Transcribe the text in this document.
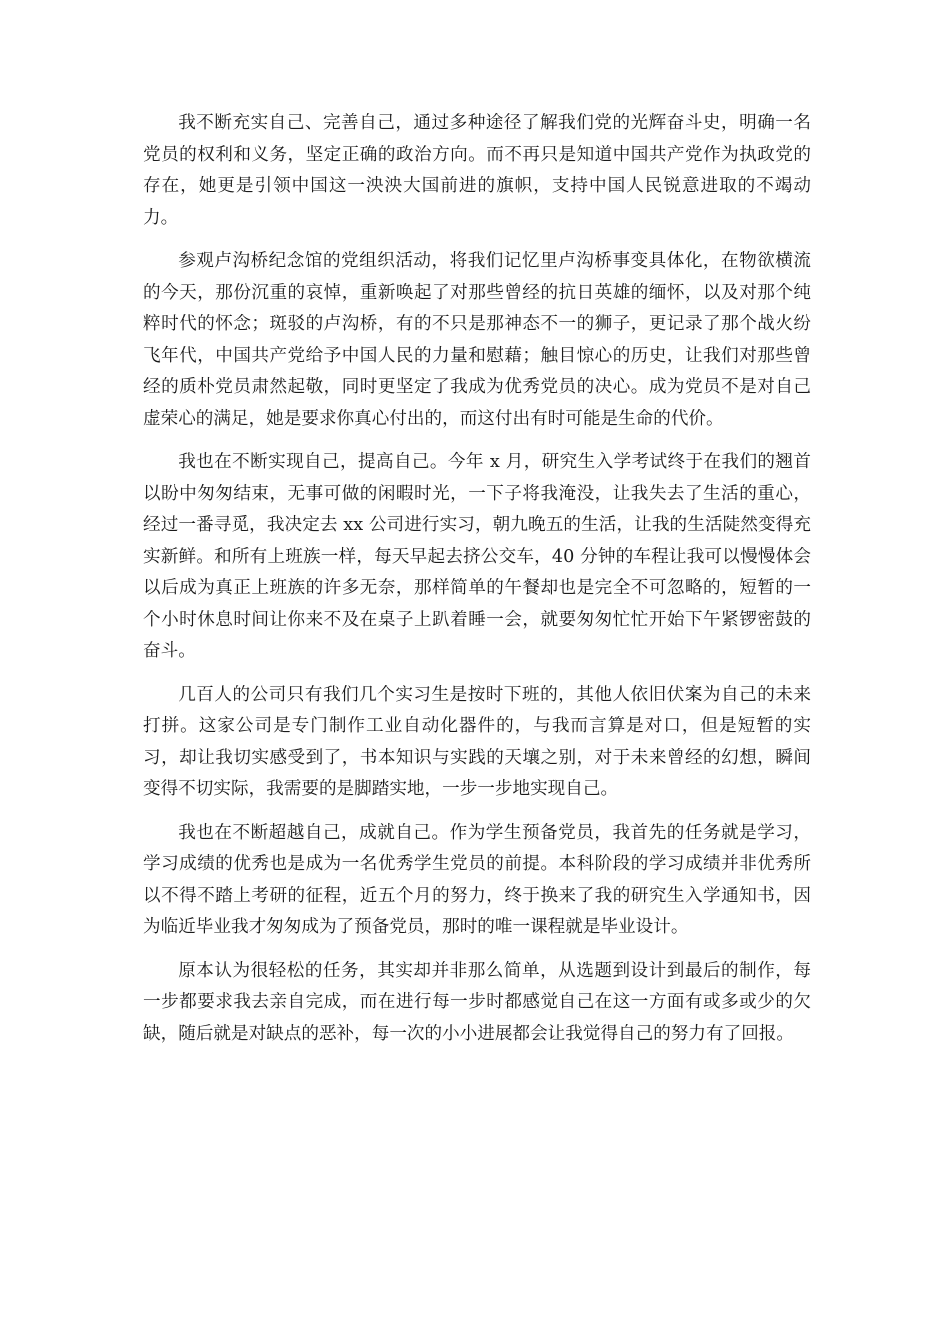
我不断充实自己、完善自己，通过多种途径了解我们党的光辉奋斗史，明确一名党员的权利和义务，坚定正确的政治方向。而不再只是知道中国共产党作为执政党的存在，她更是引领中国这一泱泱大国前进的旗帜，支持中国人民锐意进取的不竭动力。

参观卢沟桥纪念馆的党组织活动，将我们记忆里卢沟桥事变具体化，在物欲横流的今天，那份沉重的哀悼，重新唤起了对那些曾经的抗日英雄的缅怀，以及对那个纯粹时代的怀念；斑驳的卢沟桥，有的不只是那神态不一的狮子，更记录了那个战火纷飞年代，中国共产党给予中国人民的力量和慰藉；触目惊心的历史，让我们对那些曾经的质朴党员肃然起敬，同时更坚定了我成为优秀党员的决心。成为党员不是对自己虚荣心的满足，她是要求你真心付出的，而这付出有时可能是生命的代价。

我也在不断实现自己，提高自己。今年 x 月，研究生入学考试终于在我们的翘首以盼中匆匆结束，无事可做的闲暇时光，一下子将我淹没，让我失去了生活的重心，经过一番寻觅，我决定去 xx 公司进行实习，朝九晚五的生活，让我的生活陡然变得充实新鲜。和所有上班族一样，每天早起去挤公交车，40 分钟的车程让我可以慢慢体会以后成为真正上班族的许多无奈，那样简单的午餐却也是完全不可忽略的，短暂的一个小时休息时间让你来不及在桌子上趴着睡一会，就要匆匆忙忙开始下午紧锣密鼓的奋斗。

几百人的公司只有我们几个实习生是按时下班的，其他人依旧伏案为自己的未来打拼。这家公司是专门制作工业自动化器件的，与我而言算是对口，但是短暂的实习，却让我切实感受到了，书本知识与实践的天壤之别，对于未来曾经的幻想，瞬间变得不切实际，我需要的是脚踏实地，一步一步地实现自己。

我也在不断超越自己，成就自己。作为学生预备党员，我首先的任务就是学习，学习成绩的优秀也是成为一名优秀学生党员的前提。本科阶段的学习成绩并非优秀所以不得不踏上考研的征程，近五个月的努力，终于换来了我的研究生入学通知书，因为临近毕业我才匆匆成为了预备党员，那时的唯一课程就是毕业设计。

原本认为很轻松的任务，其实却并非那么简单，从选题到设计到最后的制作，每一步都要求我去亲自完成，而在进行每一步时都感觉自己在这一方面有或多或少的欠缺，随后就是对缺点的恶补，每一次的小小进展都会让我觉得自己的努力有了回报。
